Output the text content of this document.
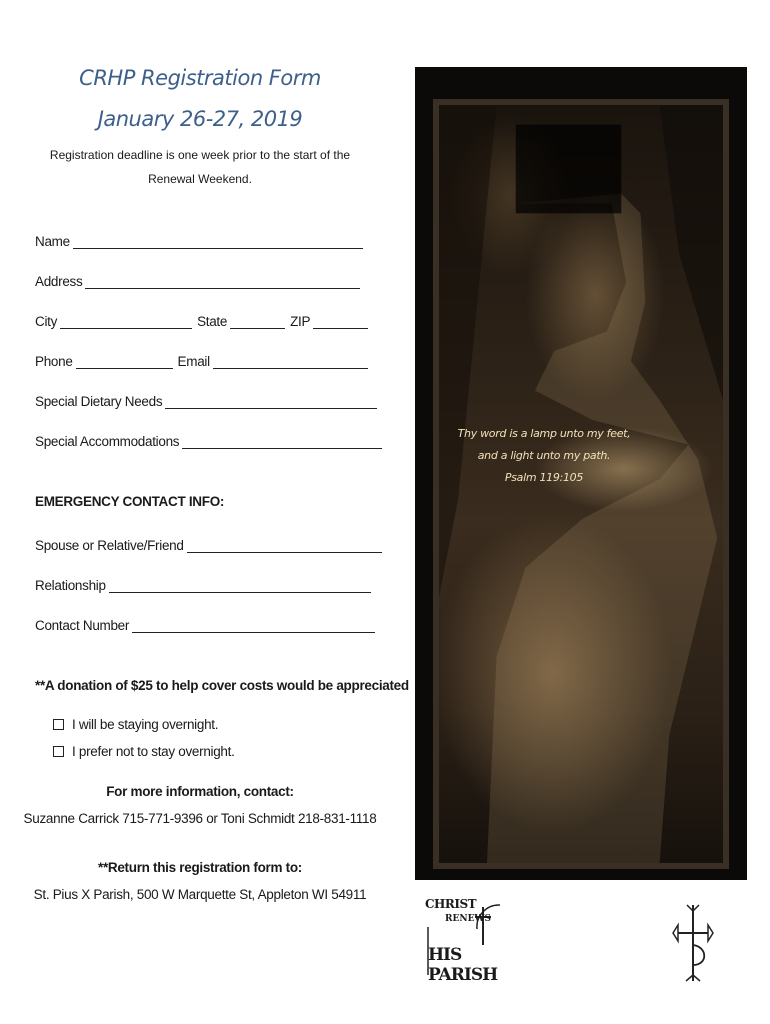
CRHP Registration Form
January 26-27, 2019
Registration deadline is one week prior to the start of the
Renewal Weekend.
Name
Address
City	State	ZIP
Phone	Email
Special Dietary Needs
Special Accommodations
EMERGENCY CONTACT INFO:
Spouse or Relative/Friend
Relationship
Contact Number
**A donation of $25 to help cover costs would be appreciated
I will be staying overnight.
I prefer not to stay overnight.
For more information, contact:
Suzanne Carrick 715-771-9396 or Toni Schmidt 218-831-1118
**Return this registration form to:
St. Pius X Parish, 500 W Marquette St, Appleton WI 54911
Thy word is a lamp unto my feet,
and a light unto my path.
Psalm 119:105
CHRIST
RENEWS
HIS PARISH
